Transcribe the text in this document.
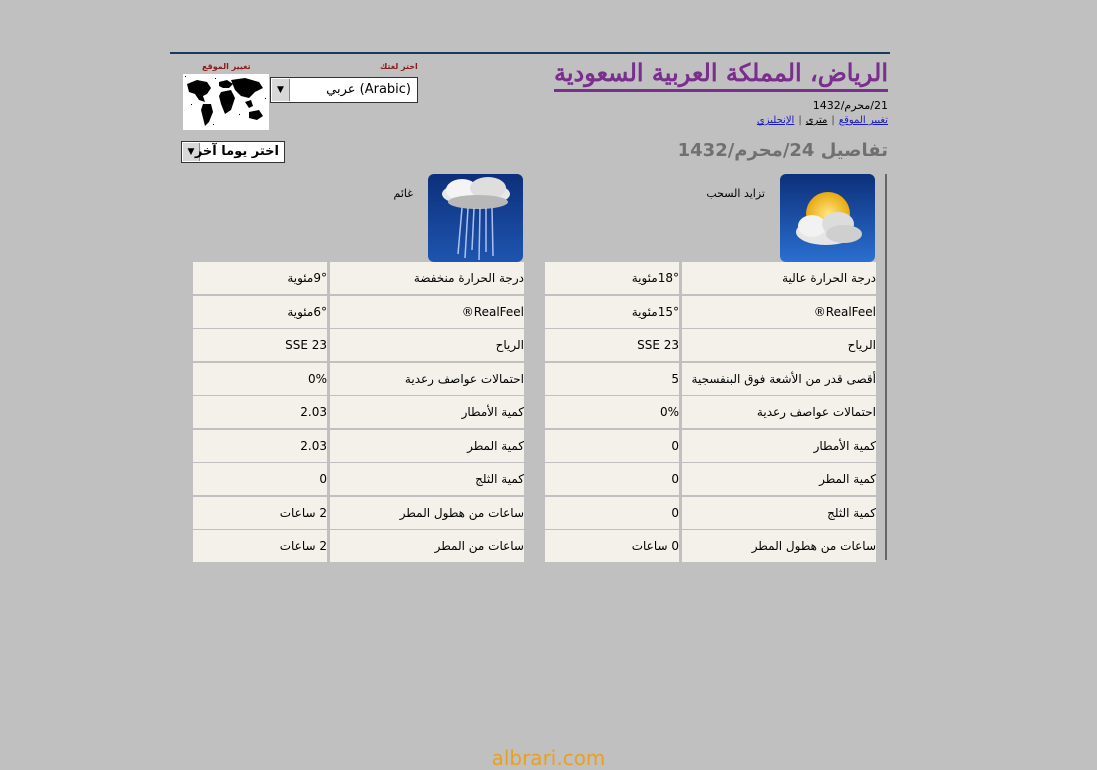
الرياض، المملكة العربية السعودية
21/محرم/1432
تغيير الموقع|مترى|الإنجليزي
تفاصيل 24/محرم/1432
اختر لغتك
تغيير الموقع
▼	عربي (Arabic)
▼ اختر يوما آخر
تزايد السحب
غائم
درجة الحرارة عالية
18°مئوية
RealFeel®
15°مئوية
الرياح
SSE 23
أقصى قدر من الأشعة فوق البنفسجية
5
احتمالات عواصف رعدية
0%
كمية الأمطار
0
كمية المطر
0
كمية الثلج
0
ساعات من هطول المطر
0 ساعات
درجة الحرارة منخفضة
9°مئوية
RealFeel®
6°مئوية
الرياح
SSE 23
احتمالات عواصف رعدية
0%
كمية الأمطار
2.03
كمية المطر
2.03
كمية الثلج
0
ساعات من هطول المطر
2 ساعات
ساعات من المطر
2 ساعات
albrari.com
